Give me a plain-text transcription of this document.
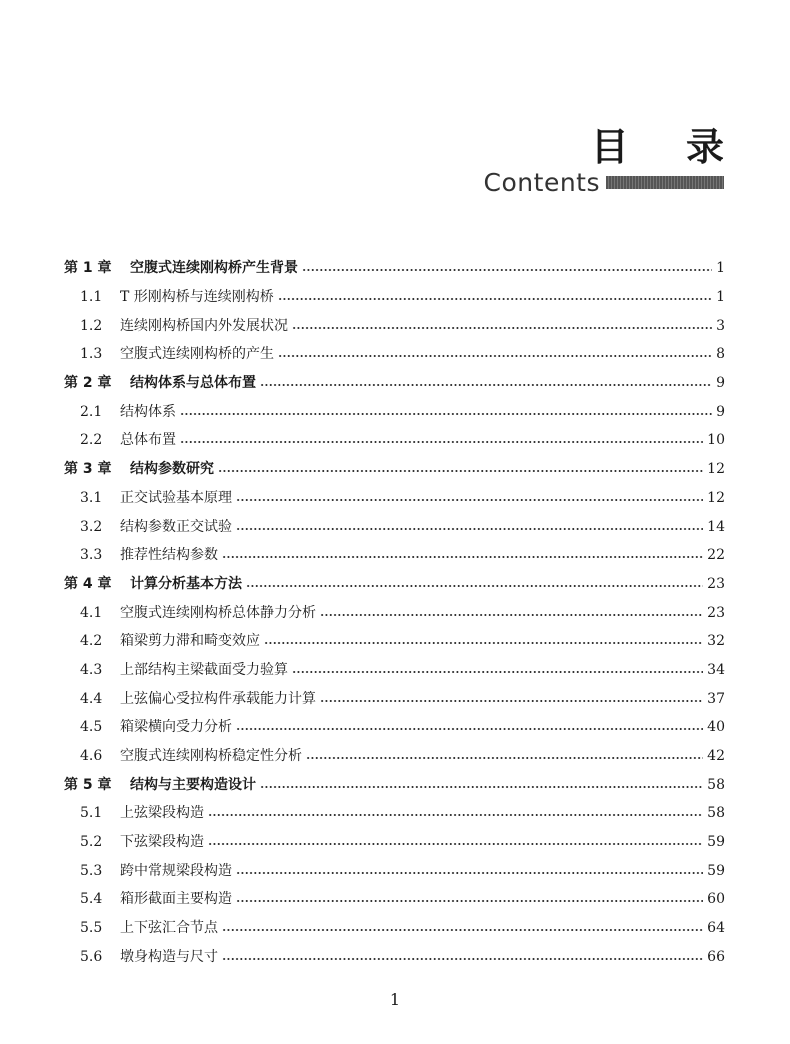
目 录
Contents
第 1 章	空腹式连续刚构桥产生背景	1
1.1	T 形刚构桥与连续刚构桥	1
1.2	连续刚构桥国内外发展状况	3
1.3	空腹式连续刚构桥的产生	8
第 2 章	结构体系与总体布置	9
2.1	结构体系	9
2.2	总体布置	10
第 3 章	结构参数研究	12
3.1	正交试验基本原理	12
3.2	结构参数正交试验	14
3.3	推荐性结构参数	22
第 4 章	计算分析基本方法	23
4.1	空腹式连续刚构桥总体静力分析	23
4.2	箱梁剪力滞和畸变效应	32
4.3	上部结构主梁截面受力验算	34
4.4	上弦偏心受拉构件承载能力计算	37
4.5	箱梁横向受力分析	40
4.6	空腹式连续刚构桥稳定性分析	42
第 5 章	结构与主要构造设计	58
5.1	上弦梁段构造	58
5.2	下弦梁段构造	59
5.3	跨中常规梁段构造	59
5.4	箱形截面主要构造	60
5.5	上下弦汇合节点	64
5.6	墩身构造与尺寸	66
1
